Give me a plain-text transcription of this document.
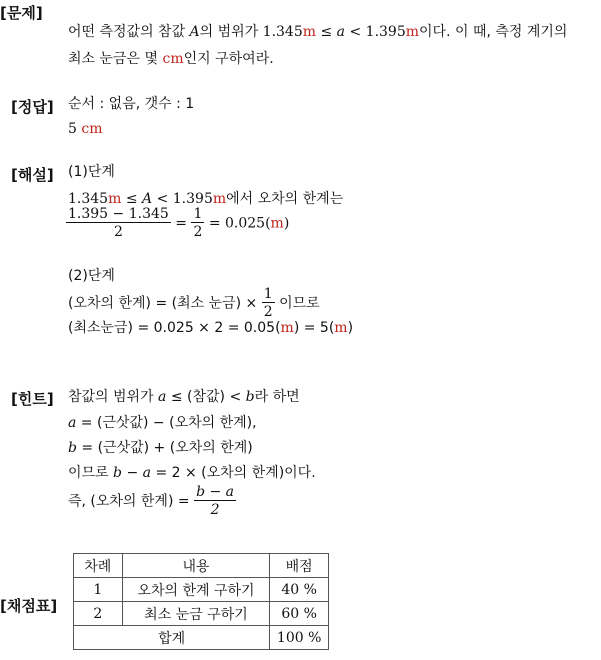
[문제]
[정답]
[해설]
[힌트]
[채점표]
어떤 측정값의 참값 A의 범위가 1.345m ≤ a < 1.395m이다. 이 때, 측정 계기의
최소 눈금은 몇 cm인지 구하여라.
순서 : 없음, 갯수 : 1
5 cm
(1)단계
1.345m ≤ A < 1.395m에서 오차의 한계는
$\frac{1.395 - 1.345}{2} = \frac{1}{2} = 0.025(m)$
(2)단계
(오차의 한계) = (최소 눈금) × $\frac{1}{2}$ 이므로
(최소눈금) = 0.025 × 2 = 0.05(m) = 5(m)
참값의 범위가 a ≤ (참값) < b라 하면
a = (근삿값) − (오차의 한계),
b = (근삿값) + (오차의 한계)
이므로 b − a = 2 × (오차의 한계)이다.
즉, (오차의 한계) = $\frac{b - a}{2}$
차례	내용	배점
1	오차의 한계 구하기	40 %
2	최소 눈금 구하기	60 %
합계		100 %
